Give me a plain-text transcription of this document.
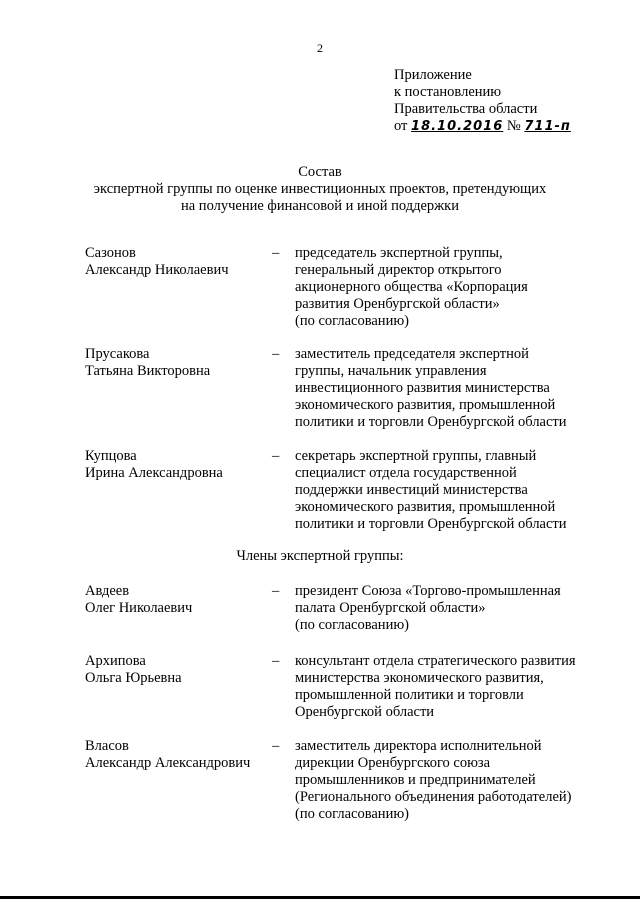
2
Приложение
к постановлению
Правительства области
от 18.10.2016 № 711-п
Состав
экспертной группы по оценке инвестиционных проектов, претендующих
на получение финансовой и иной поддержки
Сазонов
Александр Николаевич
– председатель экспертной группы,
генеральный директор открытого
акционерного общества «Корпорация
развития Оренбургской области»
(по согласованию)
Прусакова
Татьяна Викторовна
– заместитель председателя экспертной
группы, начальник управления
инвестиционного развития министерства
экономического развития, промышленной
политики и торговли Оренбургской области
Купцова
Ирина Александровна
– секретарь экспертной группы, главный
специалист отдела государственной
поддержки инвестиций министерства
экономического развития, промышленной
политики и торговли Оренбургской области
Члены экспертной группы:
Авдеев
Олег Николаевич
– президент Союза «Торгово-промышленная
палата Оренбургской области»
(по согласованию)
Архипова
Ольга Юрьевна
– консультант отдела стратегического развития
министерства экономического развития,
промышленной политики и торговли
Оренбургской области
Власов
Александр Александрович
– заместитель директора исполнительной
дирекции Оренбургского союза
промышленников и предпринимателей
(Регионального объединения работодателей)
(по согласованию)
